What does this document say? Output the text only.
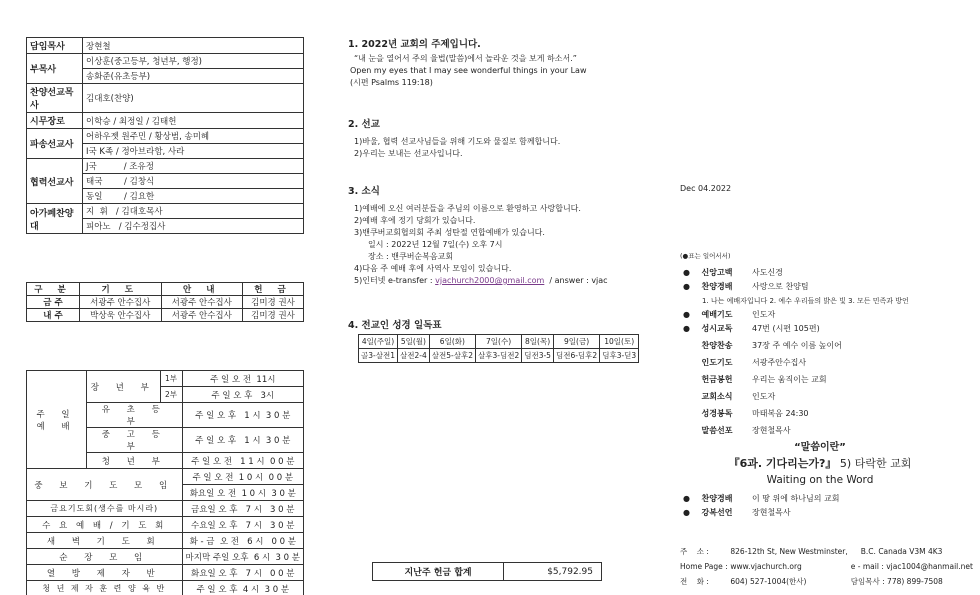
담임목사	장현철
부목사	이상훈(중고등부, 청년부, 행정)
	송화준(유초등부)
찬양선교목사	김대호(찬양)
시무장로	이학승 / 최정일 / 김태헌
파송선교사	어하우젯 원주민 / 황상범, 송미혜
	I국 K족 / 정아브라함, 사라
협력선교사	J국          / 조유정
	태국        / 김창식
	동일        / 김요한
아가페찬양대	지  휘   / 김대호목사
	피아노   / 김수정집사
구 분	기 도	안 내	헌 금
금 주	서광주 안수집사	서광주 안수집사	김미경 권사
내 주	박상욱 안수집사	서광주 안수집사	김미경 권사
주 일 예 배	장 년 부	1부	주 일 오 전  11시
		2부	주 일 오 후   3시
	유 초 등 부		주 일 오 후   1 시  3 0 분
	중 고 등 부		주 일 오 후   1 시  3 0 분
	청 년 부		주 일 오 전   1 1 시  0 0 분
중 보 기 도 모 임			주 일 오 전  1 0 시  0 0 분
			화요일 오 전  1 0 시  3 0 분
금요기도회(생수를 마시라)			금요일 오 후   7 시   3 0 분
수 요 예 배 / 기 도 회			수요일 오 후   7 시   3 0 분
새 벽 기 도 회			화 - 금  오 전   6 시   0 0 분
순 장 모 임			마지막 주일 오후  6 시  3 0 분
열 방 제 자 반			화요일 오 후   7 시   0 0 분
청 년 제 자 훈 련 양 육 반			주 일 오 후  4 시  3 0 분
1. 2022년 교회의 주제입니다.

“내 눈을 열어서 주의 율법(말씀)에서 놀라운 것을 보게 하소서.”

Open my eyes that I may see wonderful things in your Law

(시편 Psalms 119:18)

2. 선교

1)바울, 협력 선교사님들을 위해 기도와 물질로 함께합니다.

2)우리는 보내는 선교사입니다.

3. 소식

1)예배에 오신 여러분들을 주님의 이름으로 환영하고 사랑합니다.

2)예배 후에 정기 당회가 있습니다.

3)밴쿠버교회협의회 주최 성탄절 연합예배가 있습니다.

일시 : 2022년 12월 7일(수) 오후 7시

장소 : 밴쿠버순복음교회

4)다음 주 예배 후에 사역사 모임이 있습니다.

5)인터넷 e-transfer : vjachurch2000@gmail.com  / answer : vjac

4. 전교인 성경 일독표
4일(주일)	5일(월)	6일(화)	7일(수)	8일(목)	9일(금)	10일(토)
골3-살전1	살전2-4	살전5-살후2	살후3-딤전2	딤전3-5	딤전6-딤후2	딤후3-딛3
지난주 헌금 합계	$5,792.95
Dec 04.2022
(●표는 일어서서)
●	신앙고백	사도신경
●	찬양경배	사랑으로 찬양팀
1. 나는 예배자입니다 2. 예수 우리들의 밝은 빛 3. 모든 민족과 방언
●	예배기도	인도자
●	성시교독	47번 (시편 105편)
찬양찬송	37장 주 예수 이름 높이어
인도기도	서광주안수집사
헌금봉헌	우리는 움직이는 교회
교회소식	인도자
성경봉독	마태복음 24:30
말씀선포	장현철목사
“말씀이란”
『6과. 기다리는가?』 5) 타락한 교회
Waiting on the Word
●	찬양경배	이 땅 위에 하나님의 교회
●	강복선언	장현철목사
주    소 :	826-12th St, New Westminster, B.C. Canada V3M 4K3
Home Page : www.vjachurch.org	e - mail : vjac1004@hanmail.net
전    화 :	604) 527-1004(한사)	담임목사 : 778) 899-7508
